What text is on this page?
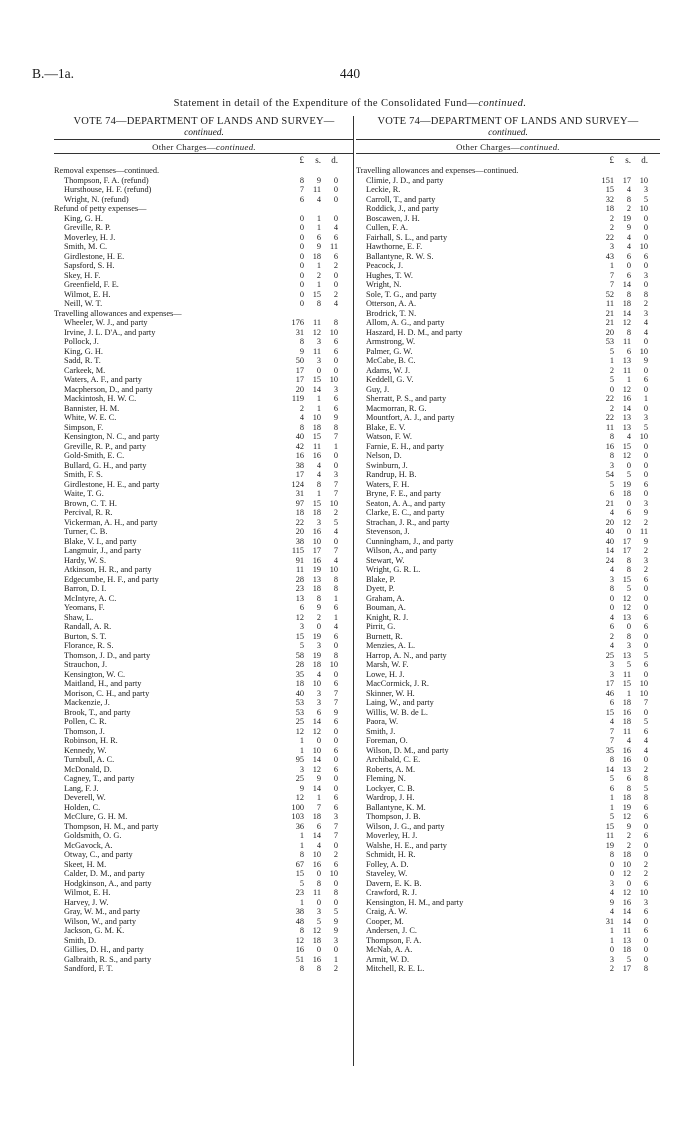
B.—1a.	440
Statement in detail of the Expenditure of the Consolidated Fund—continued.
VOTE 74—DEPARTMENT OF LANDS AND SURVEY—
continued.
Other Charges—continued.
£	s.	d.
Removal expenses—continued.
Thompson, F. A. (refund)	8	9	0
Hursthouse, H. F. (refund)	7	11	0
Wright, N. (refund)	6	4	0
Refund of petty expenses—
King, G. H.	0	1	0
Greville, R. P.	0	1	4
Moverley, H. J.	0	6	6
Smith, M. C.	0	9	11
Girdlestone, H. E.	0	18	6
Sapsford, S. H.	0	1	2
Skey, H. F.	0	2	0
Greenfield, F. E.	0	1	0
Wilmot, E. H.	0	15	2
Neill, W. T.	0	8	4
Travelling allowances and expenses—
Wheeler, W. J., and party	176	11	8
Irvine, J. L. D'A., and party	31	12	10
Pollock, J.	8	3	6
King, G. H.	9	11	6
Sadd, R. T.	50	3	0
Carkeek, M.	17	0	0
Waters, A. F., and party	17	15	10
Macpherson, D., and party	20	14	3
Mackintosh, H. W. C.	119	1	6
Bannister, H. M.	2	1	6
White, W. E. C.	4	10	9
Simpson, F.	8	18	8
Kensington, N. C., and party	40	15	7
Greville, R. P., and party	42	11	1
Gold-Smith, E. C.	16	16	0
Bullard, G. H., and party	38	4	0
Smith, F. S.	17	4	3
Girdlestone, H. E., and party	124	8	7
Waite, T. G.	31	1	7
Brown, C. T. H.	97	15	10
Percival, R. R.	18	18	2
Vickerman, A. H., and party	22	3	5
Turner, C. B.	20	16	4
Blake, V. I., and party	38	10	0
Langmuir, J., and party	115	17	7
Hardy, W. S.	91	16	4
Atkinson, H. R., and party	11	19	10
Edgecumbe, H. F., and party	28	13	8
Barron, D. I.	23	18	8
McIntyre, A. C.	13	8	1
Yeomans, F.	6	9	6
Shaw, L.	12	2	1
Randall, A. R.	3	0	4
Burton, S. T.	15	19	6
Florance, R. S.	5	3	0
Thomson, J. D., and party	58	19	8
Strauchon, J.	28	18	10
Kensington, W. C.	35	4	0
Maitland, H., and party	18	10	6
Morison, C. H., and party	40	3	7
Mackenzie, J.	53	3	7
Brook, T., and party	53	6	9
Pollen, C. R.	25	14	6
Thomson, J.	12	12	0
Robinson, H. R.	1	0	0
Kennedy, W.	1	10	6
Turnbull, A. C.	95	14	0
McDonald, D.	3	12	6
Cagney, T., and party	25	9	0
Lang, F. J.	9	14	0
Deverell, W.	12	1	6
Holden, C.	100	7	6
McClure, G. H. M.	103	18	3
Thompson, H. M., and party	36	6	7
Goldsmith, O. G.	1	14	7
McGavock, A.	1	4	0
Otway, C., and party	8	10	2
Skeet, H. M.	67	16	6
Calder, D. M., and party	15	0	10
Hodgkinson, A., and party	5	8	0
Wilmot, E. H.	23	11	8
Harvey, J. W.	1	0	0
Gray, W. M., and party	38	3	5
Wilson, W., and party	48	5	9
Jackson, G. M. K.	8	12	9
Smith, D.	12	18	3
Gillies, D. H., and party	16	0	0
Galbraith, R. S., and party	51	16	1
Sandford, F. T.	8	8	2
VOTE 74—DEPARTMENT OF LANDS AND SURVEY—
continued.
Other Charges—continued.
£	s.	d.
Travelling allowances and expenses—continued.
Climie, J. D., and party	151	17	10
Leckie, R.	15	4	3
Carroll, T., and party	32	8	5
Roddick, J., and party	18	2	10
Boscawen, J. H.	2	19	0
Cullen, F. A.	2	9	0
Fairhall, S. L., and party	22	4	0
Hawthorne, E. F.	3	4	10
Ballantyne, R. W. S.	43	6	6
Peacock, J.	1	0	0
Hughes, T. W.	7	6	3
Wright, N.	7	14	0
Sole, T. G., and party	52	8	8
Otterson, A. A.	11	18	2
Brodrick, T. N.	21	14	3
Allom, A. G., and party	21	12	4
Haszard, H. D. M., and party	20	8	4
Armstrong, W.	53	11	0
Palmer, G. W.	5	6	10
McCabe, B. C.	1	13	9
Adams, W. J.	2	11	0
Keddell, G. V.	5	1	6
Guy, J.	0	12	0
Sherratt, P. S., and party	22	16	1
Macmorran, R. G.	2	14	0
Mountfort, A. J., and party	22	13	3
Blake, E. V.	11	13	5
Watson, F. W.	8	4	10
Farnie, E. H., and party	16	15	0
Nelson, D.	8	12	0
Swinburn, J.	3	0	0
Randrup, H. B.	54	5	0
Waters, F. H.	5	19	6
Bryne, F. E., and party	6	18	0
Seaton, A. A., and party	21	0	3
Clarke, E. C., and party	4	6	9
Strachan, J. R., and party	20	12	2
Stevenson, J.	40	0	11
Cunningham, J., and party	40	17	9
Wilson, A., and party	14	17	2
Stewart, W.	24	8	3
Wright, G. R. L.	4	8	2
Blake, P.	3	15	6
Dyett, P.	8	5	0
Graham, A.	0	12	0
Bouman, A.	0	12	0
Knight, R. J.	4	13	6
Pirrit, G.	6	0	6
Burnett, R.	2	8	0
Menzies, A. L.	4	3	0
Harrop, A. N., and party	25	13	5
Marsh, W. F.	3	5	6
Lowe, H. J.	3	11	0
MacCormick, J. R.	17	15	10
Skinner, W. H.	46	1	10
Laing, W., and party	6	18	7
Willis, W. B. de L.	15	16	0
Paora, W.	4	18	5
Smith, J.	7	11	6
Foreman, O.	7	4	4
Wilson, D. M., and party	35	16	4
Archibald, C. E.	8	16	0
Roberts, A. M.	14	13	2
Fleming, N.	5	6	8
Lockyer, C. B.	6	8	5
Wardrop, J. H.	1	18	8
Ballantyne, K. M.	1	19	6
Thompson, J. B.	5	12	6
Wilson, J. G., and party	15	9	0
Moverley, H. J.	11	2	6
Walshe, H. E., and party	19	2	0
Schmidt, H. R.	8	18	0
Folley, A. D.	0	10	2
Staveley, W.	0	12	2
Davern, E. K. B.	3	0	6
Crawford, R. J.	4	12	10
Kensington, H. M., and party	9	16	3
Craig, A. W.	4	14	6
Cooper, M.	31	14	0
Andersen, J. C.	1	11	6
Thompson, F. A.	1	13	0
McNab, A. A.	0	18	0
Armit, W. D.	3	5	0
Mitchell, R. E. L.	2	17	8
